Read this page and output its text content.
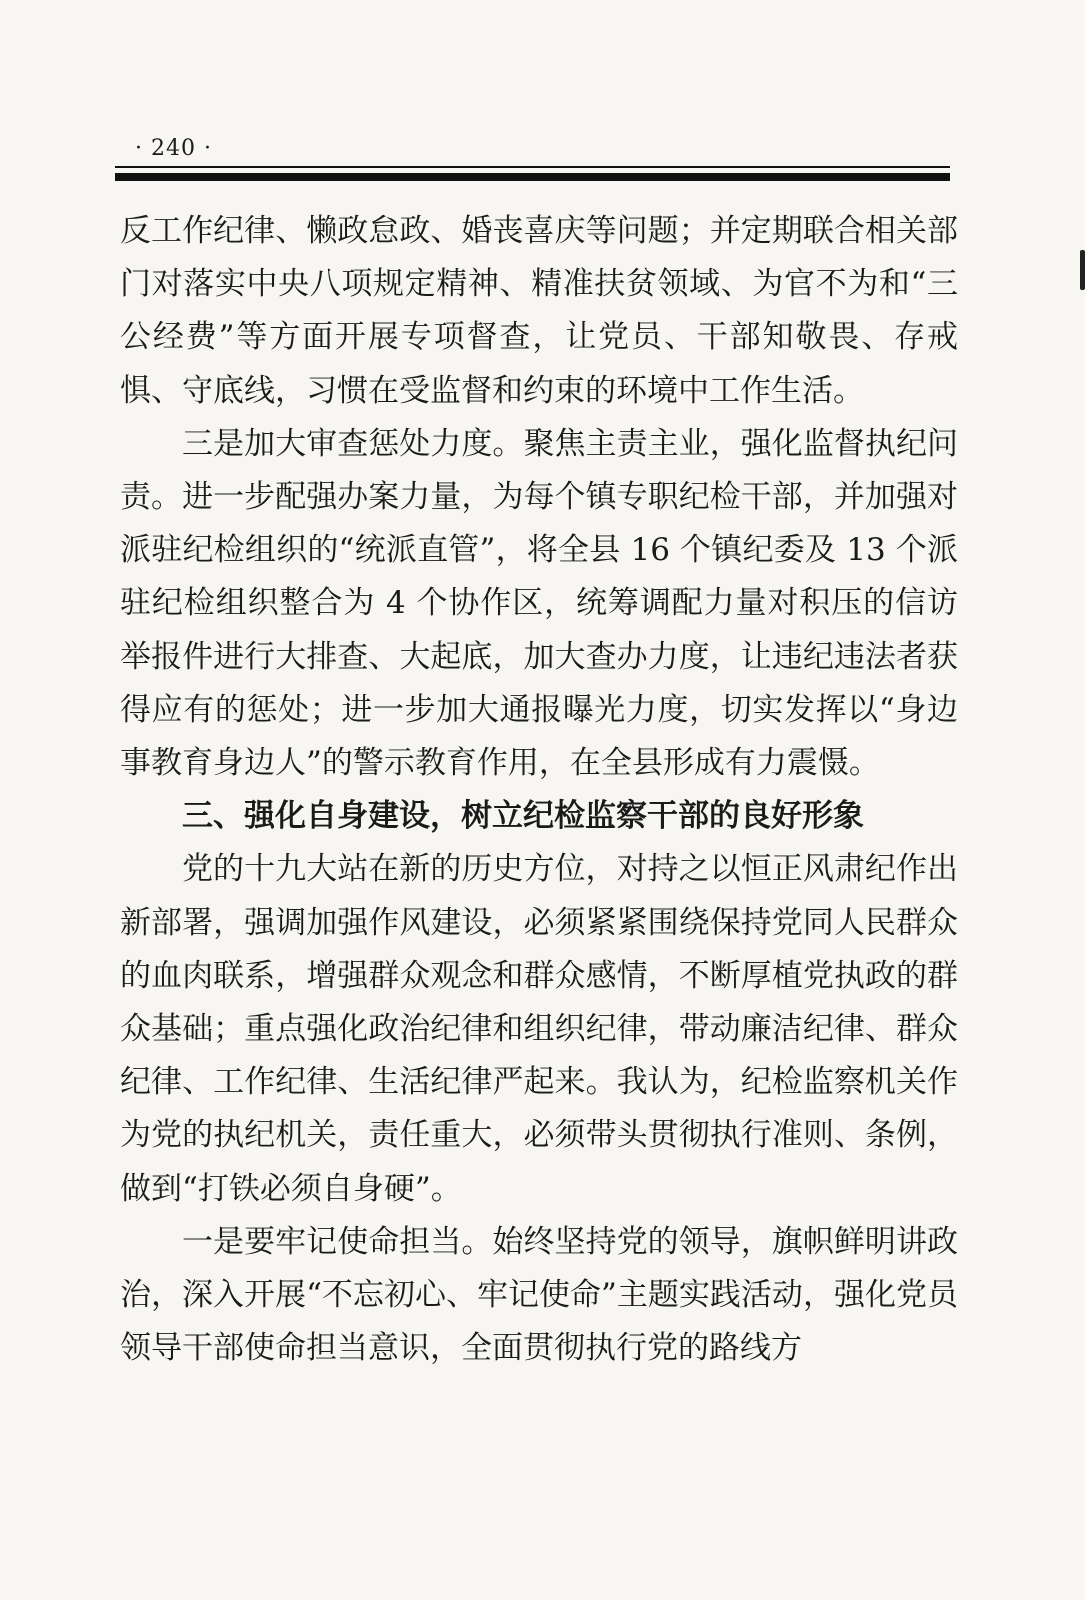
· 240 ·

反工作纪律、懒政怠政、婚丧喜庆等问题；并定期联合相关部门对落实中央八项规定精神、精准扶贫领域、为官不为和“三公经费”等方面开展专项督查，让党员、干部知敬畏、存戒惧、守底线，习惯在受监督和约束的环境中工作生活。

三是加大审查惩处力度。聚焦主责主业，强化监督执纪问责。进一步配强办案力量，为每个镇专职纪检干部，并加强对派驻纪检组织的“统派直管”，将全县 16 个镇纪委及 13 个派驻纪检组织整合为 4 个协作区，统筹调配力量对积压的信访举报件进行大排查、大起底，加大查办力度，让违纪违法者获得应有的惩处；进一步加大通报曝光力度，切实发挥以“身边事教育身边人”的警示教育作用，在全县形成有力震慑。

三、强化自身建设，树立纪检监察干部的良好形象

党的十九大站在新的历史方位，对持之以恒正风肃纪作出新部署，强调加强作风建设，必须紧紧围绕保持党同人民群众的血肉联系，增强群众观念和群众感情，不断厚植党执政的群众基础；重点强化政治纪律和组织纪律，带动廉洁纪律、群众纪律、工作纪律、生活纪律严起来。我认为，纪检监察机关作为党的执纪机关，责任重大，必须带头贯彻执行准则、条例，做到“打铁必须自身硬”。

一是要牢记使命担当。始终坚持党的领导，旗帜鲜明讲政治，深入开展“不忘初心、牢记使命”主题实践活动，强化党员领导干部使命担当意识，全面贯彻执行党的路线方
